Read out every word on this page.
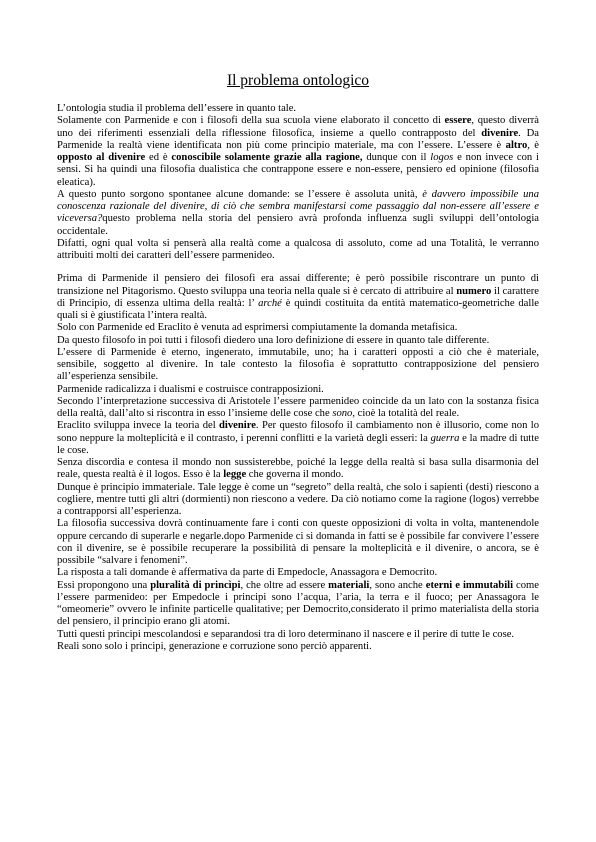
Il problema ontologico

L’ontologia studia il problema dell’essere in quanto tale.

Solamente con Parmenide e con i filosofi della sua scuola viene elaborato il concetto di essere, questo diverrà uno dei riferimenti essenziali della riflessione filosofica, insieme a quello contrapposto del divenire. Da Parmenide la realtà viene identificata non più come principio materiale, ma con l’essere. L’essere è altro, è opposto al divenire ed è conoscibile solamente grazie alla ragione, dunque con il logos e non invece con i sensi. Si ha quindi una filosofia dualistica che contrappone essere e non-essere, pensiero ed opinione (filosofia eleatica).

A questo punto sorgono spontanee alcune domande: se l’essere è assoluta unità, è davvero impossibile una conoscenza razionale del divenire, di ciò che sembra manifestarsi come passaggio dal non-essere all’essere e viceversa?questo problema nella storia del pensiero avrà profonda influenza sugli sviluppi dell’ontologia occidentale.

Difatti, ogni qual volta si penserà alla realtà come a qualcosa di assoluto, come ad una Totalità, le verranno attribuiti molti dei caratteri dell’essere parmenideo.

Prima di Parmenide il pensiero dei filosofi era assai differente; è però possibile riscontrare un punto di transizione nel Pitagorismo. Questo sviluppa una teoria nella quale si è cercato di attribuire al numero il carattere di Principio, di essenza ultima della realtà: l’ arché è quindi costituita da entità matematico-geometriche dalle quali si è giustificata l’intera realtà.

Solo con Parmenide ed Eraclito è venuta ad esprimersi compiutamente la domanda metafisica.

Da questo filosofo in poi tutti i filosofi diedero una loro definizione di essere in quanto tale differente.

L’essere di Parmenide è eterno, ingenerato, immutabile, uno; ha i caratteri opposti a ciò che è materiale, sensibile, soggetto al divenire. In tale contesto la filosofia è soprattutto contrapposizione del pensiero all’esperienza sensibile.

Parmenide radicalizza i dualismi e costruisce contrapposizioni.

Secondo l’interpretazione successiva di Aristotele l’essere parmenideo coincide da un lato con la sostanza fisica della realtà, dall’alto si riscontra in esso l’insieme delle cose che sono, cioè la totalità del reale.

Eraclito sviluppa invece la teoria del divenire. Per questo filosofo il cambiamento non è illusorio, come non lo sono neppure la molteplicità e il contrasto, i perenni conflitti e la varietà degli esseri: la guerra e la madre di tutte le cose.

Senza discordia e contesa il mondo non sussisterebbe, poiché la legge della realtà si basa sulla disarmonia del reale, questa realtà è il logos. Esso è la legge che governa il mondo.

Dunque è principio immateriale. Tale legge è come un “segreto” della realtà, che solo i sapienti (desti) riescono a cogliere, mentre tutti gli altri (dormienti) non riescono a vedere. Da ciò notiamo come la ragione (logos) verrebbe a contrapporsi all’esperienza.

La filosofia successiva dovrà continuamente fare i conti con queste opposizioni di volta in volta, mantenendole oppure cercando di superarle e negarle.dopo Parmenide ci si domanda in fatti se è possibile far convivere l’essere con il divenire, se è possibile recuperare la possibilità di pensare la molteplicità e il divenire, o ancora, se è possibile “salvare i fenomeni”.

La risposta a tali domande è affermativa da parte di Empedocle, Anassagora e Democrito.

Essi propongono una pluralità di princìpi, che oltre ad essere materiali, sono anche eterni e immutabili come l’essere parmenideo: per Empedocle i principi sono l’acqua, l’aria, la terra e il fuoco; per Anassagora le “omeomerie” ovvero le infinite particelle qualitative; per Democrito,considerato il primo materialista della storia del pensiero, il principio erano gli atomi.

Tutti questi principi mescolandosi e separandosi tra di loro determinano il nascere e il perire di tutte le cose.

Reali sono solo i principi, generazione e corruzione sono perciò apparenti.
